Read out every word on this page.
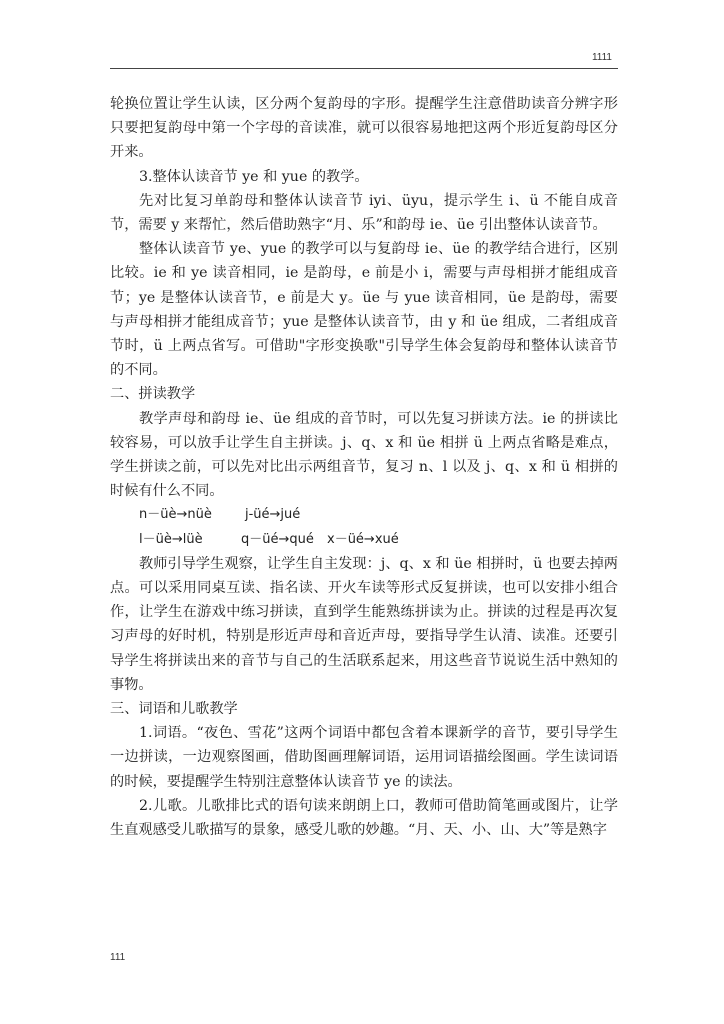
1111

轮换位置让学生认读，区分两个复韵母的字形。提醒学生注意借助读音分辨字形只要把复韵母中第一个字母的音读准，就可以很容易地把这两个形近复韵母区分开来。

3.整体认读音节 ye 和 yue 的教学。

先对比复习单韵母和整体认读音节 iyi、üyu，提示学生 i、ü 不能自成音节，需要 y 来帮忙，然后借助熟字“月、乐”和韵母 ie、üe 引出整体认读音节。

整体认读音节 ye、yue 的教学可以与复韵母 ie、üe 的教学结合进行，区别比较。ie 和 ye 读音相同，ie 是韵母，e 前是小 i，需要与声母相拼才能组成音节；ye 是整体认读音节，e 前是大 y。üe 与 yue 读音相同，üe 是韵母，需要与声母相拼才能组成音节；yue 是整体认读音节，由 y 和 üe 组成，二者组成音节时，ü 上两点省写。可借助"字形变换歌"引导学生体会复韵母和整体认读音节的不同。

二、拼读教学

教学声母和韵母 ie、üe 组成的音节时，可以先复习拼读方法。ie 的拼读比较容易，可以放手让学生自主拼读。j、q、x 和 üe 相拼 ü 上两点省略是难点，学生拼读之前，可以先对比出示两组音节，复习 n、l 以及 j、q、x 和 ü 相拼的时候有什么不同。

n－üè→nüè	j-üé→jué

l－üè→lüè	q－üé→qué x－üé→xué

教师引导学生观察，让学生自主发现：j、q、x 和 üe 相拼时，ü 也要去掉两点。可以采用同桌互读、指名读、开火车读等形式反复拼读，也可以安排小组合作，让学生在游戏中练习拼读，直到学生能熟练拼读为止。拼读的过程是再次复习声母的好时机，特别是形近声母和音近声母，要指导学生认清、读准。还要引导学生将拼读出来的音节与自己的生活联系起来，用这些音节说说生活中熟知的事物。

三、词语和儿歌教学

1.词语。“夜色、雪花”这两个词语中都包含着本课新学的音节，要引导学生一边拼读，一边观察图画，借助图画理解词语，运用词语描绘图画。学生读词语的时候，要提醒学生特别注意整体认读音节 ye 的读法。

2.儿歌。儿歌排比式的语句读来朗朗上口，教师可借助简笔画或图片，让学生直观感受儿歌描写的景象，感受儿歌的妙趣。“月、天、小、山、大”等是熟字

111
